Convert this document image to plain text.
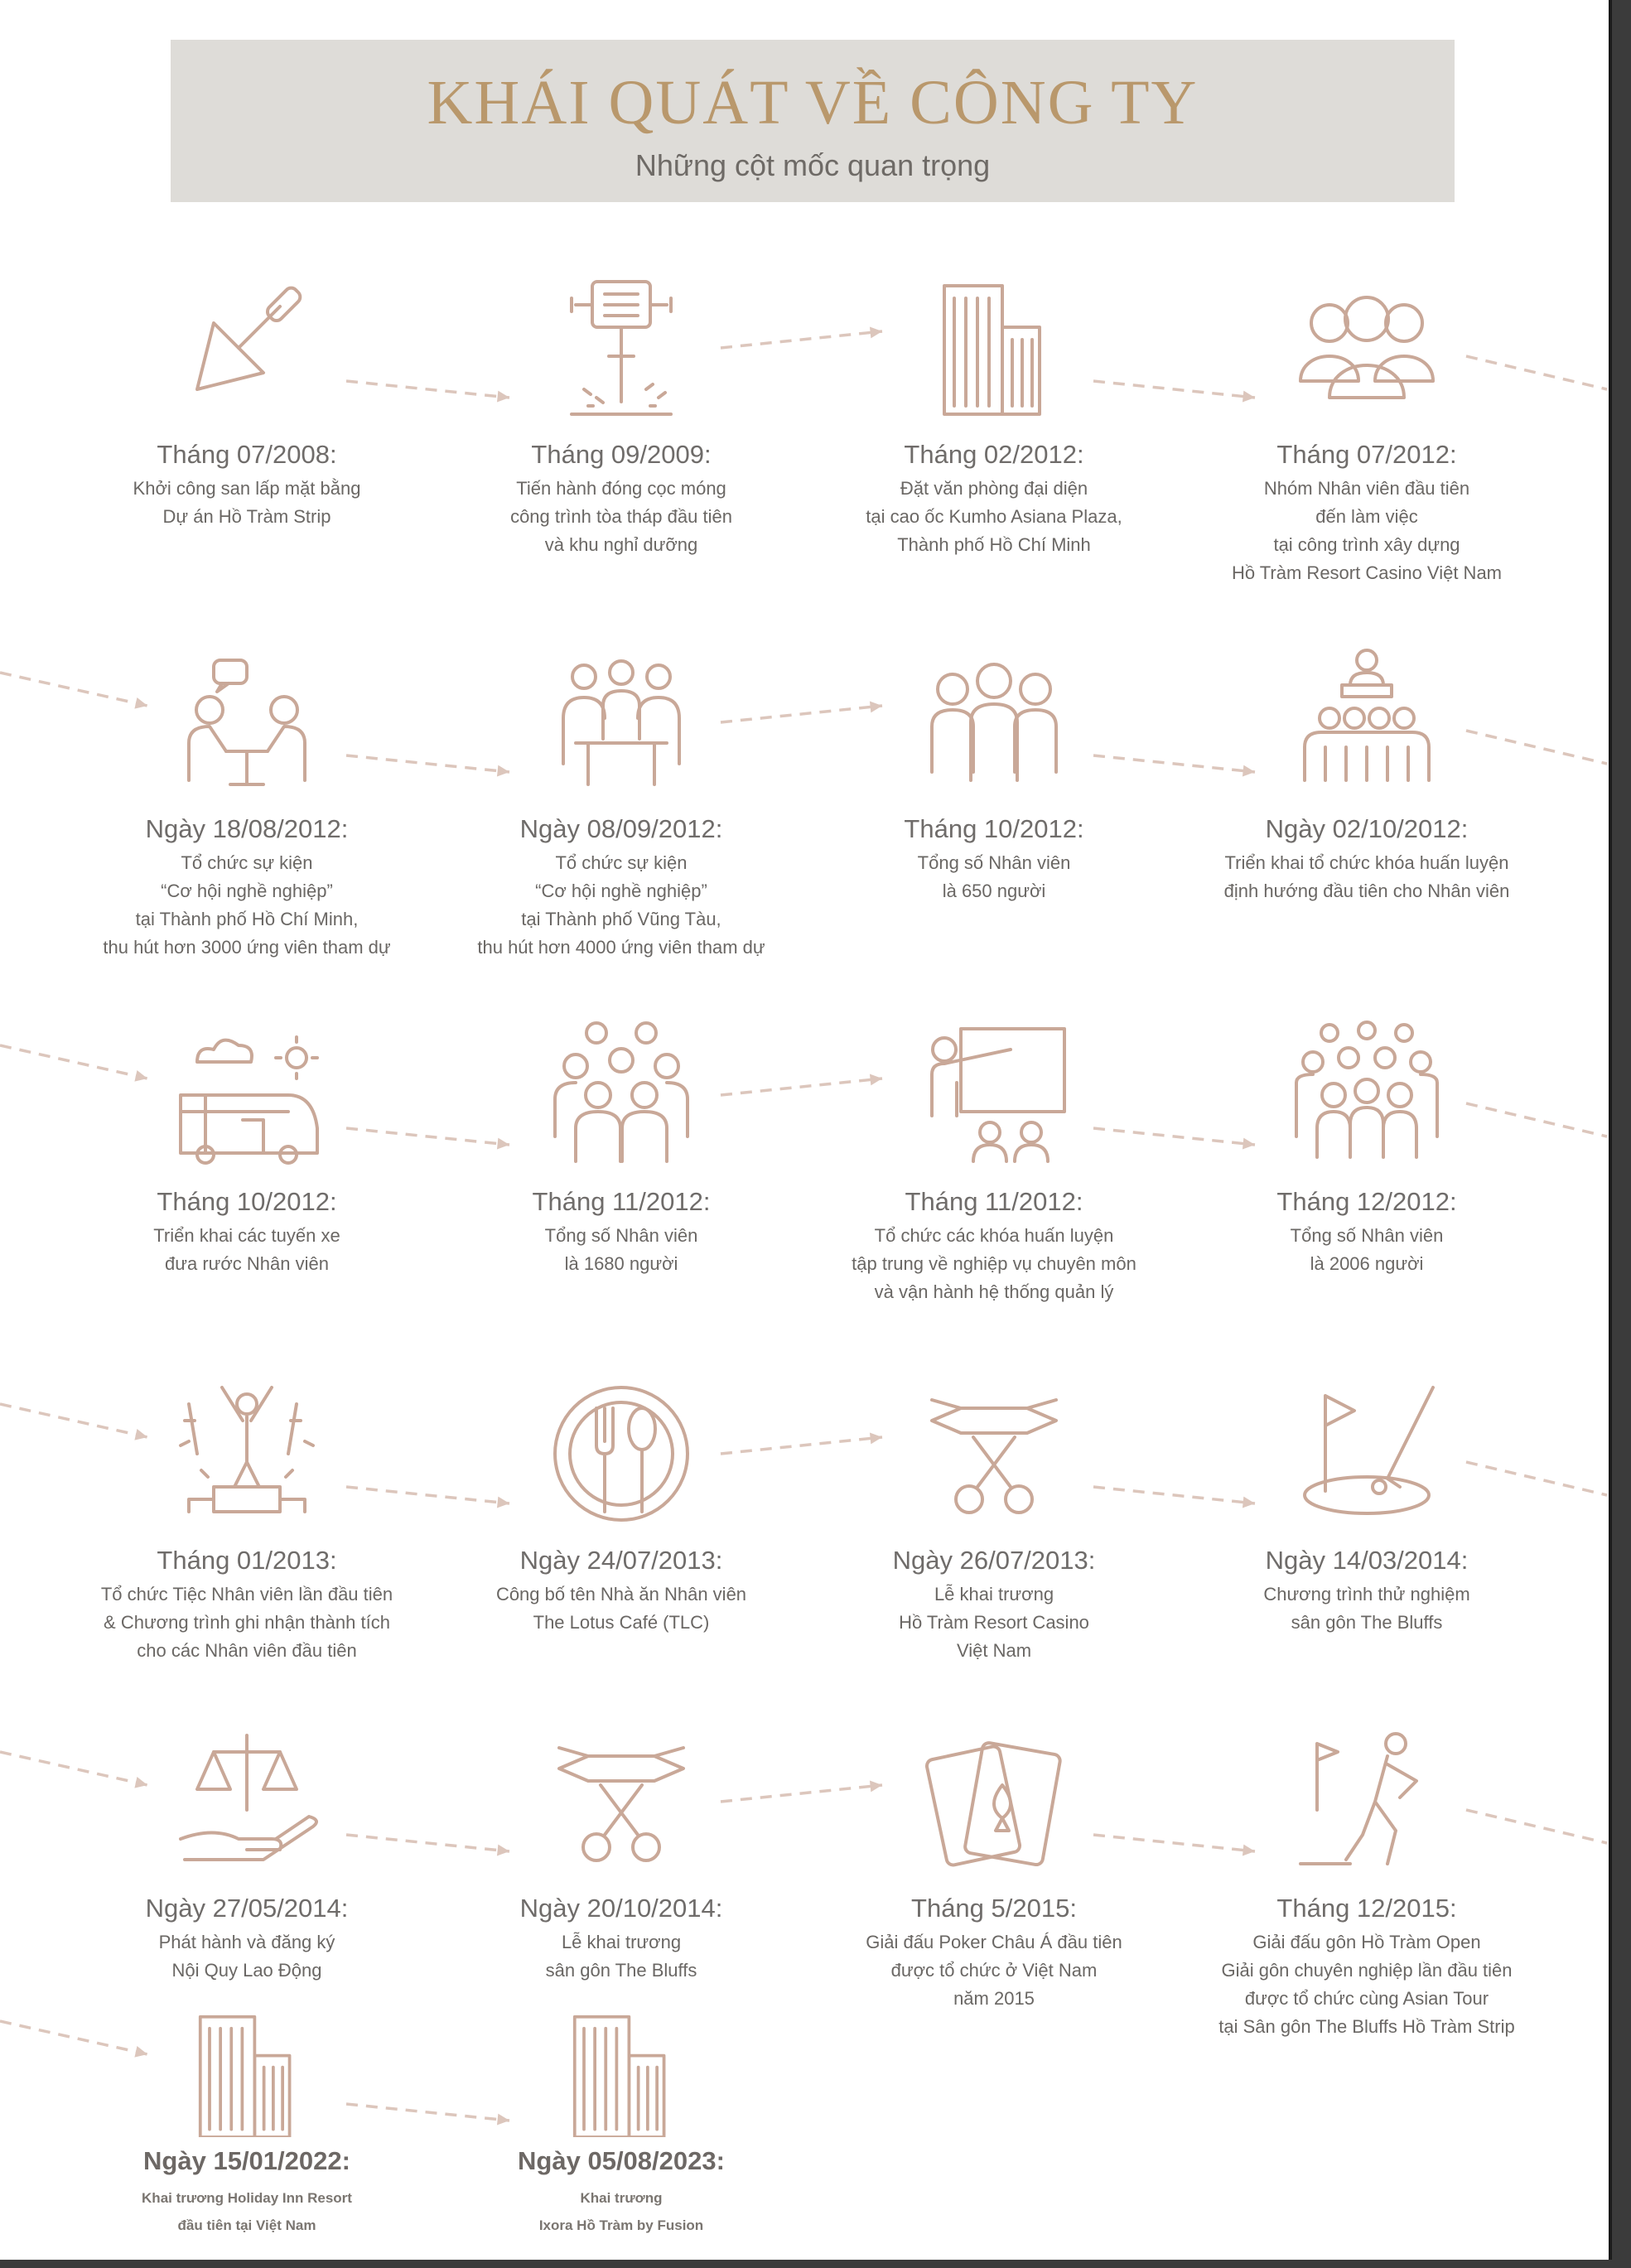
KHÁI QUÁT VỀ CÔNG TY
Những cột mốc quan trọng
Tháng 07/2008:
Khởi công san lấp mặt bằng
Dự án Hồ Tràm Strip
Tháng 09/2009:
Tiến hành đóng cọc móng
công trình tòa tháp đầu tiên
và khu nghỉ dưỡng
Tháng 02/2012:
Đặt văn phòng đại diện
tại cao ốc Kumho Asiana Plaza,
Thành phố Hồ Chí Minh
Tháng 07/2012:
Nhóm Nhân viên đầu tiên
đến làm việc
tại công trình xây dựng
Hồ Tràm Resort Casino Việt Nam
Ngày 18/08/2012:
Tổ chức sự kiện
“Cơ hội nghề nghiệp”
tại Thành phố Hồ Chí Minh,
thu hút hơn 3000 ứng viên tham dự
Ngày 08/09/2012:
Tổ chức sự kiện
“Cơ hội nghề nghiệp”
tại Thành phố Vũng Tàu,
thu hút hơn 4000 ứng viên tham dự
Tháng 10/2012:
Tổng số Nhân viên
là 650 người
Ngày 02/10/2012:
Triển khai tổ chức khóa huấn luyện
định hướng đầu tiên cho Nhân viên
Tháng 10/2012:
Triển khai các tuyến xe
đưa rước Nhân viên
Tháng 11/2012:
Tổng số Nhân viên
là 1680 người
Tháng 11/2012:
Tổ chức các khóa huấn luyện
tập trung về nghiệp vụ chuyên môn
và vận hành hệ thống quản lý
Tháng 12/2012:
Tổng số Nhân viên
là 2006 người
Tháng 01/2013:
Tổ chức Tiệc Nhân viên lần đầu tiên
& Chương trình ghi nhận thành tích
cho các Nhân viên đầu tiên
Ngày 24/07/2013:
Công bố tên Nhà ăn Nhân viên
The Lotus Café (TLC)
Ngày 26/07/2013:
Lễ khai trương
Hồ Tràm Resort Casino
Việt Nam
Ngày 14/03/2014:
Chương trình thử nghiệm
sân gôn The Bluffs
Ngày 27/05/2014:
Phát hành và đăng ký
Nội Quy Lao Động
Ngày 20/10/2014:
Lễ khai trương
sân gôn The Bluffs
Tháng 5/2015:
Giải đấu Poker Châu Á đầu tiên
được tổ chức ở Việt Nam
năm 2015
Tháng 12/2015:
Giải đấu gôn Hồ Tràm Open
Giải gôn chuyên nghiệp lần đầu tiên
được tổ chức cùng Asian Tour
tại Sân gôn The Bluffs Hồ Tràm Strip
Ngày 15/01/2022:
Khai trương Holiday Inn Resort
đầu tiên tại Việt Nam
Ngày 05/08/2023:
Khai trương
Ixora Hồ Tràm by Fusion
